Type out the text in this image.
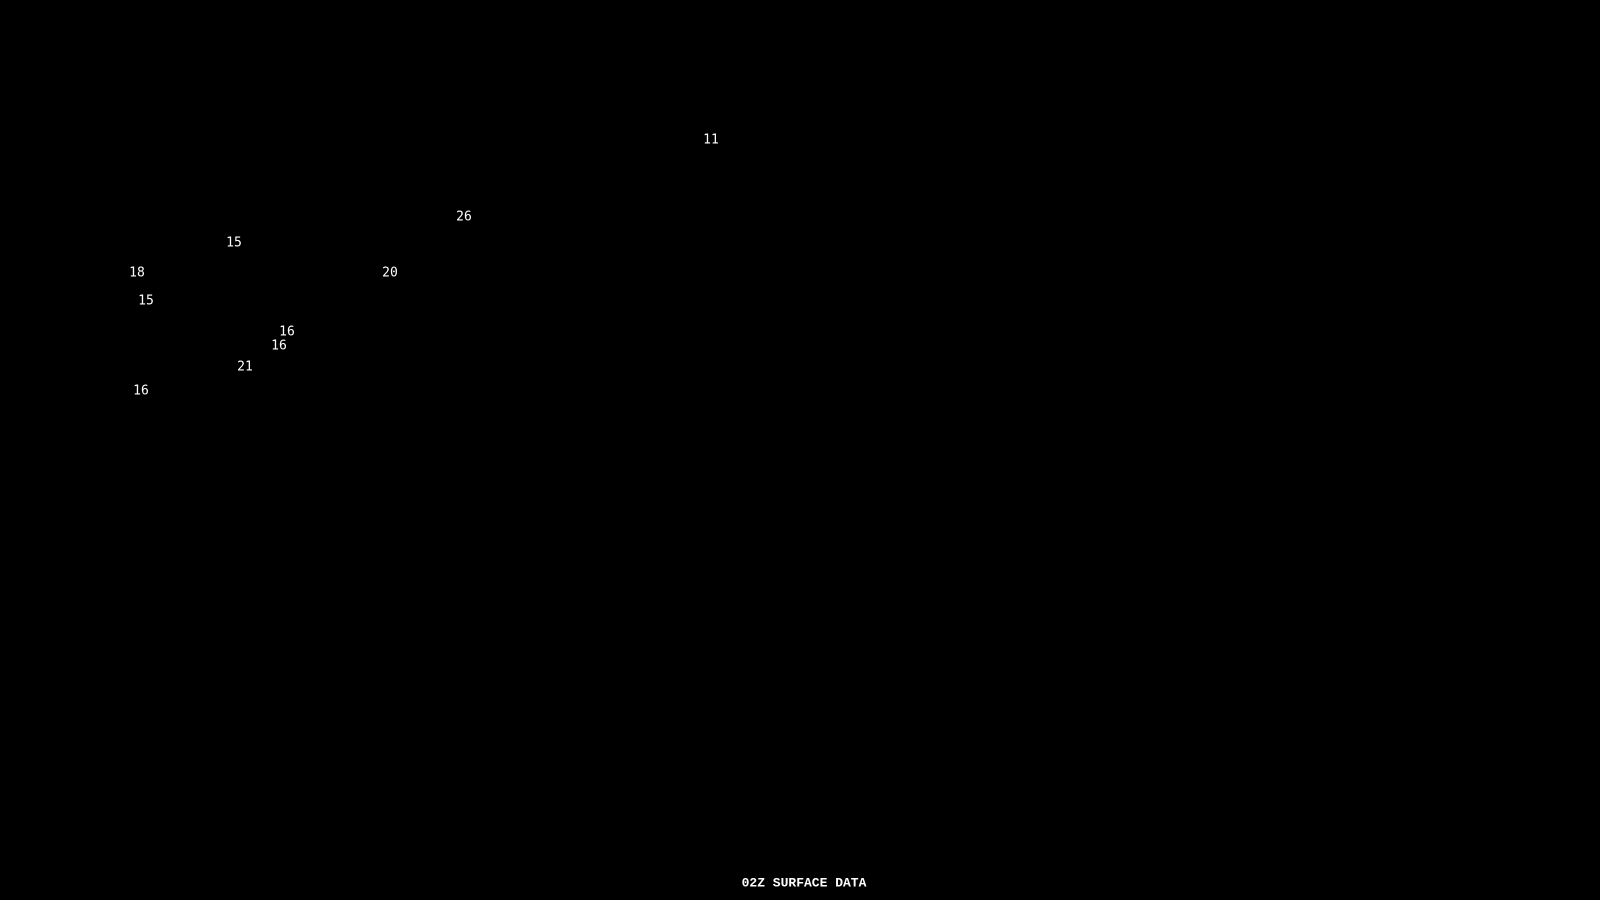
02Z SURFACE DATA
11
26
15
18	20
15
16
16
21
16
